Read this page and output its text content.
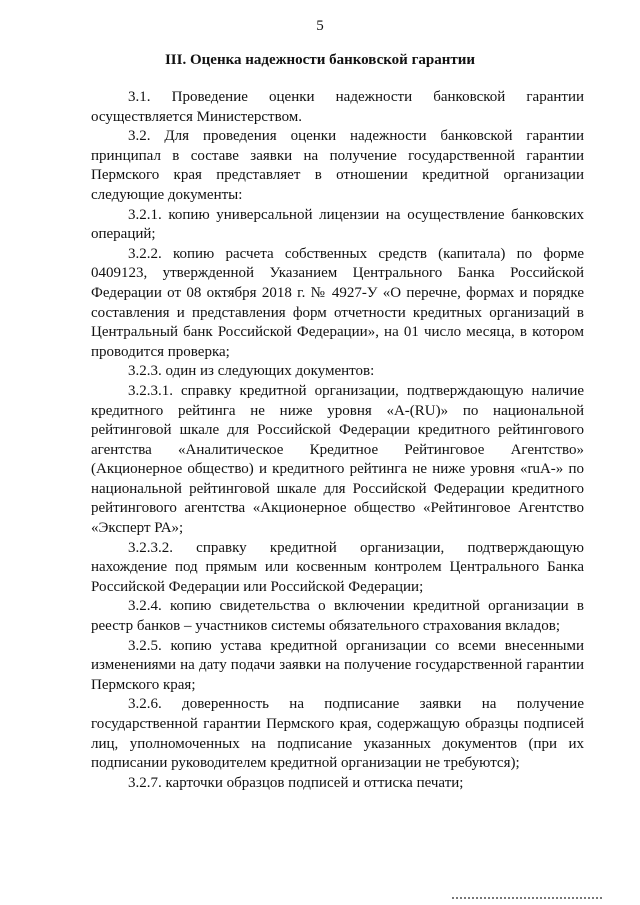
5
III. Оценка надежности банковской гарантии

3.1. Проведение оценки надежности банковской гарантии осуществляется Министерством.

3.2. Для проведения оценки надежности банковской гарантии принципал в составе заявки на получение государственной гарантии Пермского края представляет в отношении кредитной организации следующие документы:

3.2.1. копию универсальной лицензии на осуществление банковских операций;

3.2.2. копию расчета собственных средств (капитала) по форме 0409123, утвержденной Указанием Центрального Банка Российской Федерации от 08 октября 2018 г. № 4927-У «О перечне, формах и порядке составления и представления форм отчетности кредитных организаций в Центральный банк Российской Федерации», на 01 число месяца, в котором проводится проверка;

3.2.3. один из следующих документов:

3.2.3.1. справку кредитной организации, подтверждающую наличие кредитного рейтинга не ниже уровня «A-(RU)» по национальной рейтинговой шкале для Российской Федерации кредитного рейтингового агентства «Аналитическое Кредитное Рейтинговое Агентство» (Акционерное общество) и кредитного рейтинга не ниже уровня «ruA-» по национальной рейтинговой шкале для Российской Федерации кредитного рейтингового агентства «Акционерное общество «Рейтинговое Агентство «Эксперт РА»;

3.2.3.2. справку кредитной организации, подтверждающую нахождение под прямым или косвенным контролем Центрального Банка Российской Федерации или Российской Федерации;

3.2.4. копию свидетельства о включении кредитной организации в реестр банков – участников системы обязательного страхования вкладов;

3.2.5. копию устава кредитной организации со всеми внесенными изменениями на дату подачи заявки на получение государственной гарантии Пермского края;

3.2.6. доверенность на подписание заявки на получение государственной гарантии Пермского края, содержащую образцы подписей лиц, уполномоченных на подписание указанных документов (при их подписании руководителем кредитной организации не требуются);

3.2.7. карточки образцов подписей и оттиска печати;
